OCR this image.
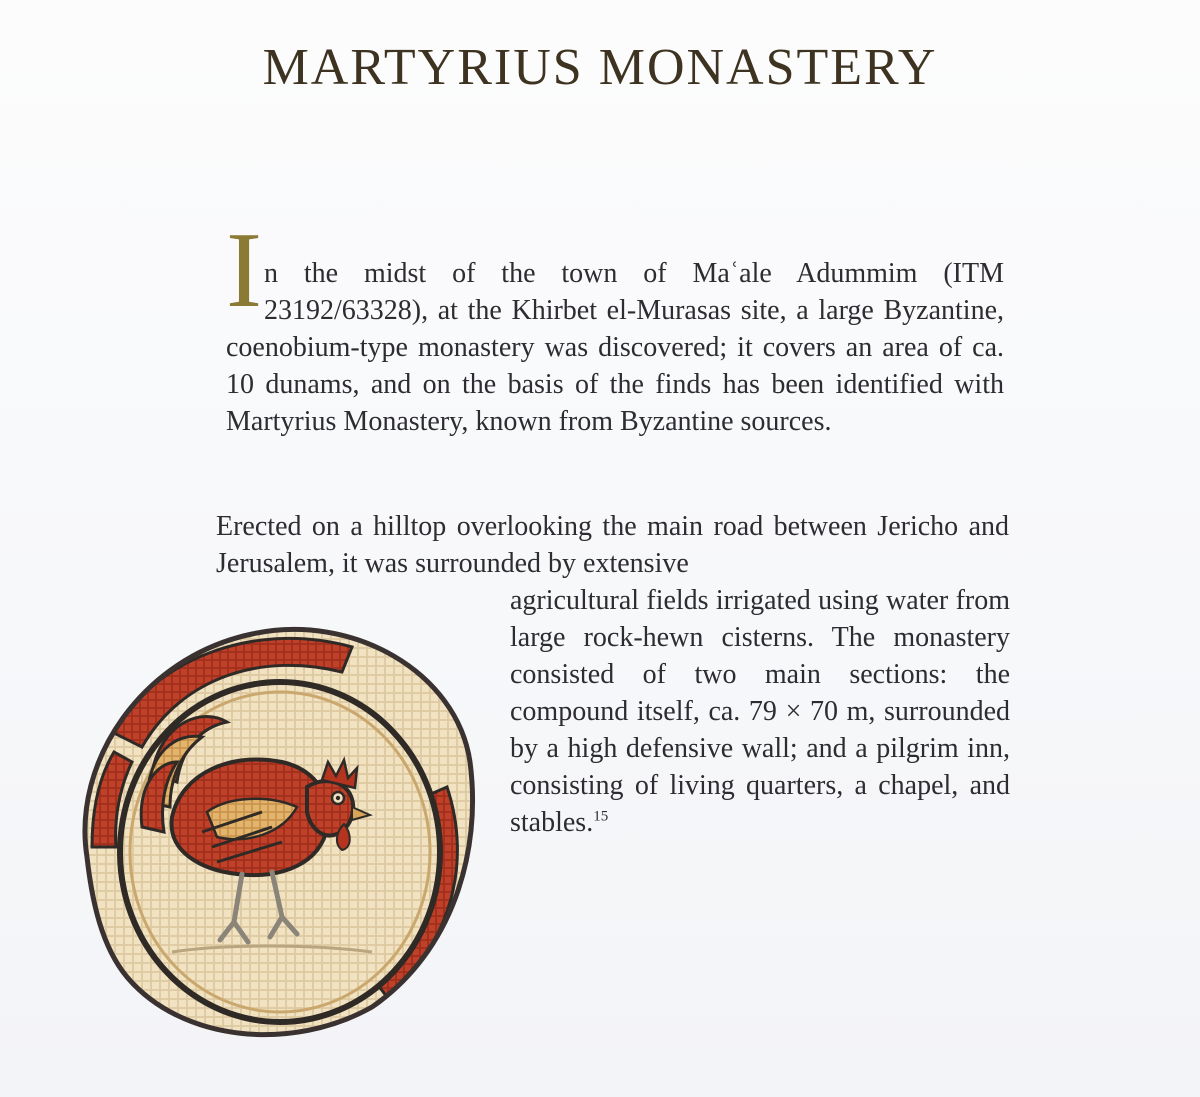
MARTYRIUS MONASTERY

In the midst of the town of Maʿale Adummim (ITM 23192/63328), at the Khirbet el-Murasas site, a large Byzantine, coenobium-type monastery was discovered; it covers an area of ca. 10 dunams, and on the basis of the finds has been identified with Martyrius Monastery, known from Byzantine sources.

Erected on a hilltop overlooking the main road between Jericho and Jerusalem, it was surrounded by extensive

agricultural fields irrigated using water from large rock-hewn cisterns. The monastery consisted of two main sections: the compound itself, ca. 79 × 70 m, surrounded by a high defensive wall; and a pilgrim inn, consisting of living quarters, a chapel, and stables.$^{15}$
